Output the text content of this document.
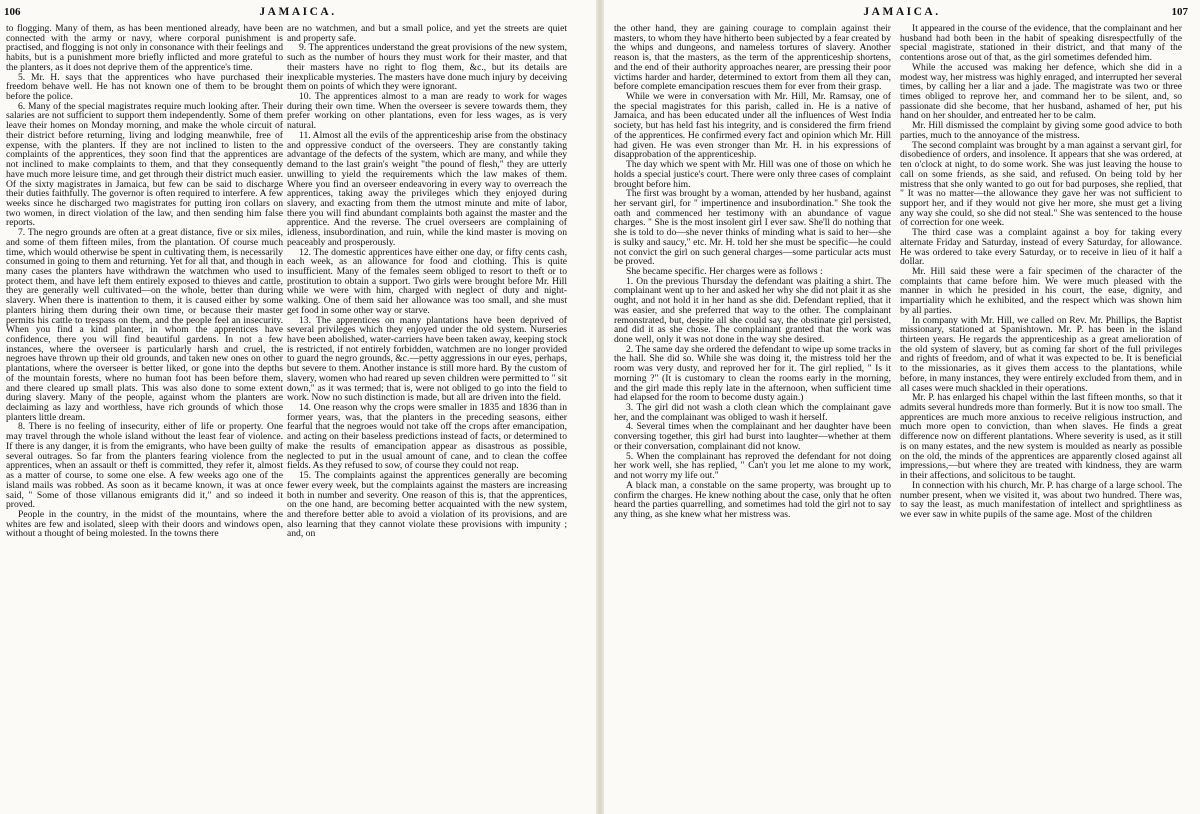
106	JAMAICA.

to flogging. Many of them, as has been mentioned already, have been connected with the army or navy, where corporal punishment is practised, and flogging is not only in consonance with their feelings and habits, but is a punishment more briefly inflicted and more grateful to the planters, as it does not deprive them of the apprentice's time.

5. Mr. H. says that the apprentices who have purchased their freedom behave well. He has not known one of them to be brought before the police.

6. Many of the special magistrates require much looking after. Their salaries are not sufficient to support them independently. Some of them leave their homes on Monday morning, and make the whole circuit of their district before returning, living and lodging meanwhile, free of expense, with the planters. If they are not inclined to listen to the complaints of the apprentices, they soon find that the apprentices are not inclined to make complaints to them, and that they consequently have much more leisure time, and get through their district much easier. Of the sixty magistrates in Jamaica, but few can be said to discharge their duties faithfully. The governor is often required to interfere. A few weeks since he discharged two magistrates for putting iron collars on two women, in direct violation of the law, and then sending him false reports.

7. The negro grounds are often at a great distance, five or six miles, and some of them fifteen miles, from the plantation. Of course much time, which would otherwise be spent in cultivating them, is necessarily consumed in going to them and returning. Yet for all that, and though in many cases the planters have withdrawn the watchmen who used to protect them, and have left them entirely exposed to thieves and cattle, they are generally well cultivated—on the whole, better than during slavery. When there is inattention to them, it is caused either by some planters hiring them during their own time, or because their master permits his cattle to trespass on them, and the people feel an insecurity. When you find a kind planter, in whom the apprentices have confidence, there you will find beautiful gardens. In not a few instances, where the overseer is particularly harsh and cruel, the negroes have thrown up their old grounds, and taken new ones on other plantations, where the overseer is better liked, or gone into the depths of the mountain forests, where no human foot has been before them, and there cleared up small plats. This was also done to some extent during slavery. Many of the people, against whom the planters are declaiming as lazy and worthless, have rich grounds of which those planters little dream.

8. There is no feeling of insecurity, either of life or property. One may travel through the whole island without the least fear of violence. If there is any danger, it is from the emigrants, who have been guilty of several outrages. So far from the planters fearing violence from the apprentices, when an assault or theft is committed, they refer it, almost as a matter of course, to some one else. A few weeks ago one of the island mails was robbed. As soon as it became known, it was at once said, " Some of those villanous emigrants did it," and so indeed it proved.

People in the country, in the midst of the mountains, where the whites are few and isolated, sleep with their doors and windows open, without a thought of being molested. In the towns there

are no watchmen, and but a small police, and yet the streets are quiet and property safe.

9. The apprentices understand the great provisions of the new system, such as the number of hours they must work for their master, and that their masters have no right to flog them, &c., but its details are inexplicable mysteries. The masters have done much injury by deceiving them on points of which they were ignorant.

10. The apprentices almost to a man are ready to work for wages during their own time. When the overseer is severe towards them, they prefer working on other plantations, even for less wages, as is very natural.

11. Almost all the evils of the apprenticeship arise from the obstinacy and oppressive conduct of the overseers. They are constantly taking advantage of the defects of the system, which are many, and while they demand to the last grain's weight "the pound of flesh," they are utterly unwilling to yield the requirements which the law makes of them. Where you find an overseer endeavoring in every way to overreach the apprentices, taking away the privileges which they enjoyed during slavery, and exacting from them the utmost minute and mite of labor, there you will find abundant complaints both against the master and the apprentice. And the reverse. The cruel overseers are complaining of idleness, insubordination, and ruin, while the kind master is moving on peaceably and prosperously.

12. The domestic apprentices have either one day, or fifty cents cash, each week, as an allowance for food and clothing. This is quite insufficient. Many of the females seem obliged to resort to theft or to prostitution to obtain a support. Two girls were brought before Mr. Hill while we were with him, charged with neglect of duty and night-walking. One of them said her allowance was too small, and she must get food in some other way or starve.

13. The apprentices on many plantations have been deprived of several privileges which they enjoyed under the old system. Nurseries have been abolished, water-carriers have been taken away, keeping stock is restricted, if not entirely forbidden, watchmen are no longer provided to guard the negro grounds, &c.—petty aggressions in our eyes, perhaps, but severe to them. Another instance is still more hard. By the custom of slavery, women who had reared up seven children were permitted to " sit down," as it was termed; that is, were not obliged to go into the field to work. Now no such distinction is made, but all are driven into the field.

14. One reason why the crops were smaller in 1835 and 1836 than in former years, was, that the planters in the preceding seasons, either fearful that the negroes would not take off the crops after emancipation, and acting on their baseless predictions instead of facts, or determined to make the results of emancipation appear as disastrous as possible, neglected to put in the usual amount of cane, and to clean the coffee fields. As they refused to sow, of course they could not reap.

15. The complaints against the apprentices generally are becoming fewer every week, but the complaints against the masters are increasing both in number and severity. One reason of this is, that the apprentices, on the one hand, are becoming better acquainted with the new system, and therefore better able to avoid a violation of its provisions, and are also learning that they cannot violate these provisions with impunity ; and, on

JAMAICA.	107

the other hand, they are gaining courage to complain against their masters, to whom they have hitherto been subjected by a fear created by the whips and dungeons, and nameless tortures of slavery. Another reason is, that the masters, as the term of the apprenticeship shortens, and the end of their authority approaches nearer, are pressing their poor victims harder and harder, determined to extort from them all they can, before complete emancipation rescues them for ever from their grasp.

While we were in conversation with Mr. Hill, Mr. Ramsay, one of the special magistrates for this parish, called in. He is a native of Jamaica, and has been educated under all the influences of West India society, but has held fast his integrity, and is considered the firm friend of the apprentices. He confirmed every fact and opinion which Mr. Hill had given. He was even stronger than Mr. H. in his expressions of disapprobation of the apprenticeship.

The day which we spent with Mr. Hill was one of those on which he holds a special justice's court. There were only three cases of complaint brought before him.

The first was brought by a woman, attended by her husband, against her servant girl, for " impertinence and insubordination." She took the oath and commenced her testimony with an abundance of vague charges. " She is the most insolent girl I ever saw. She'll do nothing that she is told to do—she never thinks of minding what is said to her—she is sulky and saucy," etc. Mr. H. told her she must be specific—he could not convict the girl on such general charges—some particular acts must be proved.

She became specific. Her charges were as follows :

1. On the previous Thursday the defendant was plaiting a shirt. The complainant went up to her and asked her why she did not plait it as she ought, and not hold it in her hand as she did. Defendant replied, that it was easier, and she preferred that way to the other. The complainant remonstrated, but, despite all she could say, the obstinate girl persisted, and did it as she chose. The complainant granted that the work was done well, only it was not done in the way she desired.

2. The same day she ordered the defendant to wipe up some tracks in the hall. She did so. While she was doing it, the mistress told her the room was very dusty, and reproved her for it. The girl replied, " Is it morning ?" (It is customary to clean the rooms early in the morning, and the girl made this reply late in the afternoon, when sufficient time had elapsed for the room to become dusty again.)

3. The girl did not wash a cloth clean which the complainant gave her, and the complainant was obliged to wash it herself.

4. Several times when the complainant and her daughter have been conversing together, this girl had burst into laughter—whether at them or their conversation, complainant did not know.

5. When the complainant has reproved the defendant for not doing her work well, she has replied, " Can't you let me alone to my work, and not worry my life out."

A black man, a constable on the same property, was brought up to confirm the charges. He knew nothing about the case, only that he often heard the parties quarrelling, and sometimes had told the girl not to say any thing, as she knew what her mistress was.

It appeared in the course of the evidence, that the complainant and her husband had both been in the habit of speaking disrespectfully of the special magistrate, stationed in their district, and that many of the contentions arose out of that, as the girl sometimes defended him.

While the accused was making her defence, which she did in a modest way, her mistress was highly enraged, and interrupted her several times, by calling her a liar and a jade. The magistrate was two or three times obliged to reprove her, and command her to be silent, and, so passionate did she become, that her husband, ashamed of her, put his hand on her shoulder, and entreated her to be calm.

Mr. Hill dismissed the complaint by giving some good advice to both parties, much to the annoyance of the mistress.

The second complaint was brought by a man against a servant girl, for disobedience of orders, and insolence. It appears that she was ordered, at ten o'clock at night, to do some work. She was just leaving the house to call on some friends, as she said, and refused. On being told by her mistress that she only wanted to go out for bad purposes, she replied, that " It was no matter—the allowance they gave her was not sufficient to support her, and if they would not give her more, she must get a living any way she could, so she did not steal." She was sentenced to the house of correction for one week.

The third case was a complaint against a boy for taking every alternate Friday and Saturday, instead of every Saturday, for allowance. He was ordered to take every Saturday, or to receive in lieu of it half a dollar.

Mr. Hill said these were a fair specimen of the character of the complaints that came before him. We were much pleased with the manner in which he presided in his court, the ease, dignity, and impartiality which he exhibited, and the respect which was shown him by all parties.

In company with Mr. Hill, we called on Rev. Mr. Phillips, the Baptist missionary, stationed at Spanishtown. Mr. P. has been in the island thirteen years. He regards the apprenticeship as a great amelioration of the old system of slavery, but as coming far short of the full privileges and rights of freedom, and of what it was expected to be. It is beneficial to the missionaries, as it gives them access to the plantations, while before, in many instances, they were entirely excluded from them, and in all cases were much shackled in their operations.

Mr. P. has enlarged his chapel within the last fifteen months, so that it admits several hundreds more than formerly. But it is now too small. The apprentices are much more anxious to receive religious instruction, and much more open to conviction, than when slaves. He finds a great difference now on different plantations. Where severity is used, as it still is on many estates, and the new system is moulded as nearly as possible on the old, the minds of the apprentices are apparently closed against all impressions,—but where they are treated with kindness, they are warm in their affections, and solicitous to be taught.

In connection with his church, Mr. P. has charge of a large school. The number present, when we visited it, was about two hundred. There was, to say the least, as much manifestation of intellect and sprightliness as we ever saw in white pupils of the same age. Most of the children
